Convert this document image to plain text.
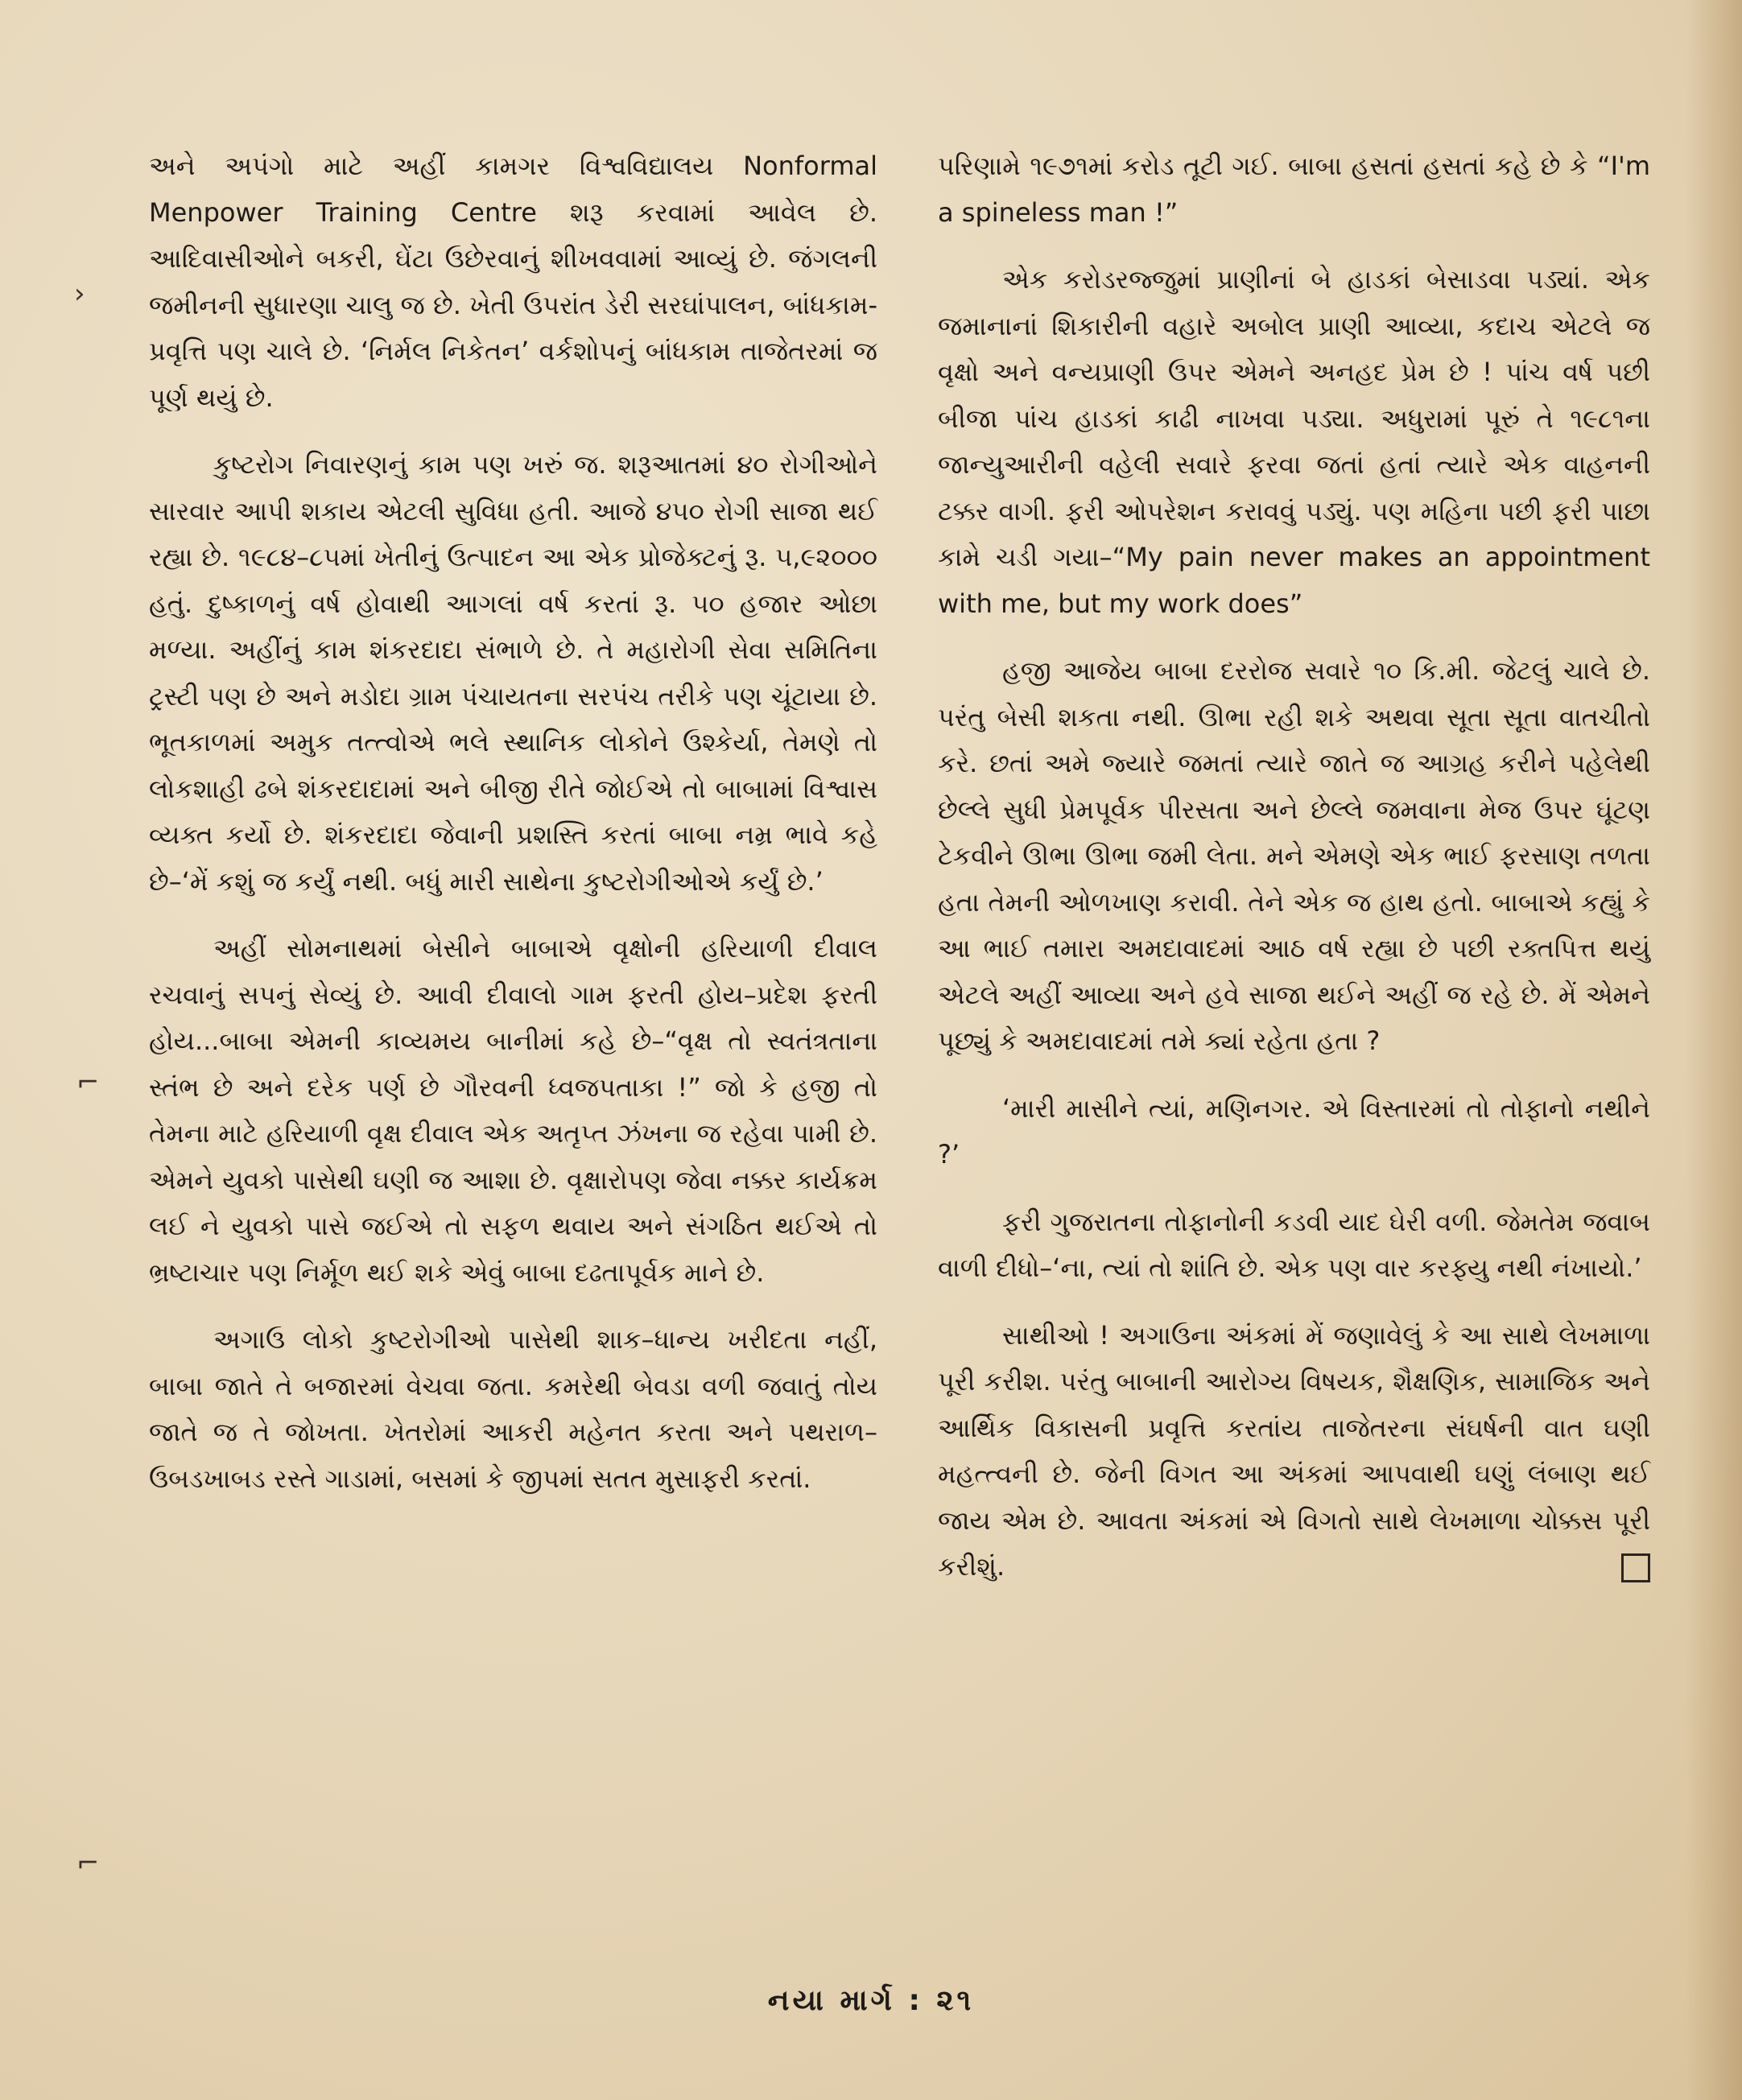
અને અપંગો માટે અહીં કામગર વિશ્વવિદ્યાલય Nonformal Menpower Training Centre શરૂ કરવામાં આવેલ છે. આદિવાસીઓને બકરી, ઘેંટા ઉછેરવાનું શીખવવામાં આવ્યું છે. જંગલની જમીનની સુધારણા ચાલુ જ છે. ખેતી ઉપરાંત ડેરી સરઘાંપાલન, બાંધકામ-પ્રવૃત્તિ પણ ચાલે છે. ‘નિર્મલ નિકેતન’ વર્કશોપનું બાંધકામ તાજેતરમાં જ પૂર્ણ થયું છે.

કુષ્ટરોગ નિવારણનું કામ પણ ખરું જ. શરૂઆતમાં ૪૦ રોગીઓને સારવાર આપી શકાય એટલી સુવિધા હતી. આજે ૪૫૦ રોગી સાજા થઈ રહ્યા છે. ૧૯૮૪–૮૫માં ખેતીનું ઉત્પાદન આ એક પ્રોજેક્ટનું રૂ. ૫,૯૨૦૦૦ હતું. દુષ્કાળનું વર્ષ હોવાથી આગલાં વર્ષ કરતાં રૂ. ૫૦ હજાર ઓછા મળ્યા. અહીંનું કામ શંકરદાદા સંભાળે છે. તે મહારોગી સેવા સમિતિના ટ્રસ્ટી પણ છે અને મડોદા ગ્રામ પંચાયતના સરપંચ તરીકે પણ ચૂંટાયા છે. ભૂતકાળમાં અમુક તત્ત્વોએ ભલે સ્થાનિક લોકોને ઉશ્કેર્યા, તેમણે તો લોકશાહી ઢબે શંકરદાદામાં અને બીજી રીતે જોઈએ તો બાબામાં વિશ્વાસ વ્યક્ત કર્યો છે. શંકરદાદા જેવાની પ્રશસ્તિ કરતાં બાબા નમ્ર ભાવે કહે છે–‘મેં કશું જ કર્યું નથી. બધું મારી સાથેના કુષ્ટરોગીઓએ કર્યું છે.’

અહીં સોમનાથમાં બેસીને બાબાએ વૃક્ષોની હરિયાળી દીવાલ રચવાનું સપનું સેવ્યું છે. આવી દીવાલો ગામ ફરતી હોય–પ્રદેશ ફરતી હોય...બાબા એમની કાવ્યમય બાનીમાં કહે છે–“વૃક્ષ તો સ્વતંત્રતાના સ્તંભ છે અને દરેક પર્ણ છે ગૌરવની ધ્વજપતાકા !” જો કે હજી તો તેમના માટે હરિયાળી વૃક્ષ દીવાલ એક અતૃપ્ત ઝંખના જ રહેવા પામી છે. એમને યુવકો પાસેથી ઘણી જ આશા છે. વૃક્ષારોપણ જેવા નક્કર કાર્યક્રમ લઈ ને યુવકો પાસે જઈએ તો સફળ થવાય અને સંગઠિત થઈએ તો ભ્રષ્ટાચાર પણ નિર્મૂળ થઈ શકે એવું બાબા દઢતાપૂર્વક માને છે.

અગાઉ લોકો કુષ્ટરોગીઓ પાસેથી શાક–ધાન્ય ખરીદતા નહીં, બાબા જાતે તે બજારમાં વેચવા જતા. કમરેથી બેવડા વળી જવાતું તોય જાતે જ તે જોખતા. ખેતરોમાં આકરી મહેનત કરતા અને પથરાળ–ઉબડખાબડ રસ્તે ગાડામાં, બસમાં કે જીપમાં સતત મુસાફરી કરતાં.

પરિણામે ૧૯૭૧માં કરોડ તૂટી ગઈ. બાબા હસતાં હસતાં કહે છે કે “I'm a spineless man !”

એક કરોડરજ્જુમાં પ્રાણીનાં બે હાડકાં બેસાડવા પડ્યાં. એક જમાનાનાં શિકારીની વહારે અબોલ પ્રાણી આવ્યા, કદાચ એટલે જ વૃક્ષો અને વન્યપ્રાણી ઉપર એમને અનહદ પ્રેમ છે ! પાંચ વર્ષ પછી બીજા પાંચ હાડકાં કાઢી નાખવા પડ્યા. અધુરામાં પૂરું તે ૧૯૮૧ના જાન્યુઆરીની વહેલી સવારે ફરવા જતાં હતાં ત્યારે એક વાહનની ટક્કર વાગી. ફરી ઓપરેશન કરાવવું પડ્યું. પણ મહિના પછી ફરી પાછા કામે ચડી ગયા–“My pain never makes an appointment with me, but my work does”

હજી આજેય બાબા દરરોજ સવારે ૧૦ કિ.મી. જેટલું ચાલે છે. પરંતુ બેસી શકતા નથી. ઊભા રહી શકે અથવા સૂતા સૂતા વાતચીતો કરે. છતાં અમે જ્યારે જમતાં ત્યારે જાતે જ આગ્રહ કરીને પહેલેથી છેલ્લે સુધી પ્રેમપૂર્વક પીરસતા અને છેલ્લે જમવાના મેજ ઉપર ઘૂંટણ ટેકવીને ઊભા ઊભા જમી લેતા. મને એમણે એક ભાઈ ફરસાણ તળતા હતા તેમની ઓળખાણ કરાવી. તેને એક જ હાથ હતો. બાબાએ કહ્યું કે આ ભાઈ તમારા અમદાવાદમાં આઠ વર્ષ રહ્યા છે પછી રક્તપિત્ત થયું એટલે અહીં આવ્યા અને હવે સાજા થઈને અહીં જ રહે છે. મેં એમને પૂછ્યું કે અમદાવાદમાં તમે ક્યાં રહેતા હતા ?

‘મારી માસીને ત્યાં, મણિનગર. એ વિસ્તારમાં તો તોફાનો નથીને ?’

ફરી ગુજરાતના તોફાનોની કડવી યાદ ઘેરી વળી. જેમતેમ જવાબ વાળી દીધો–‘ના, ત્યાં તો શાંતિ છે. એક પણ વાર કરફ્યુ નથી નંખાયો.’

સાથીઓ ! અગાઉના અંકમાં મેં જણાવેલું કે આ સાથે લેખમાળા પૂરી કરીશ. પરંતુ બાબાની આરોગ્ય વિષયક, શૈક્ષણિક, સામાજિક અને આર્થિક વિકાસની પ્રવૃત્તિ કરતાંય તાજેતરના સંઘર્ષની વાત ઘણી મહત્ત્વની છે. જેની વિગત આ અંકમાં આપવાથી ઘણું લંબાણ થઈ જાય એમ છે. આવતા અંકમાં એ વિગતો સાથે લેખમાળા ચોક્કસ પૂરી કરીશું.

›
⌐
⌐
નયા માર્ગ : ૨૧
